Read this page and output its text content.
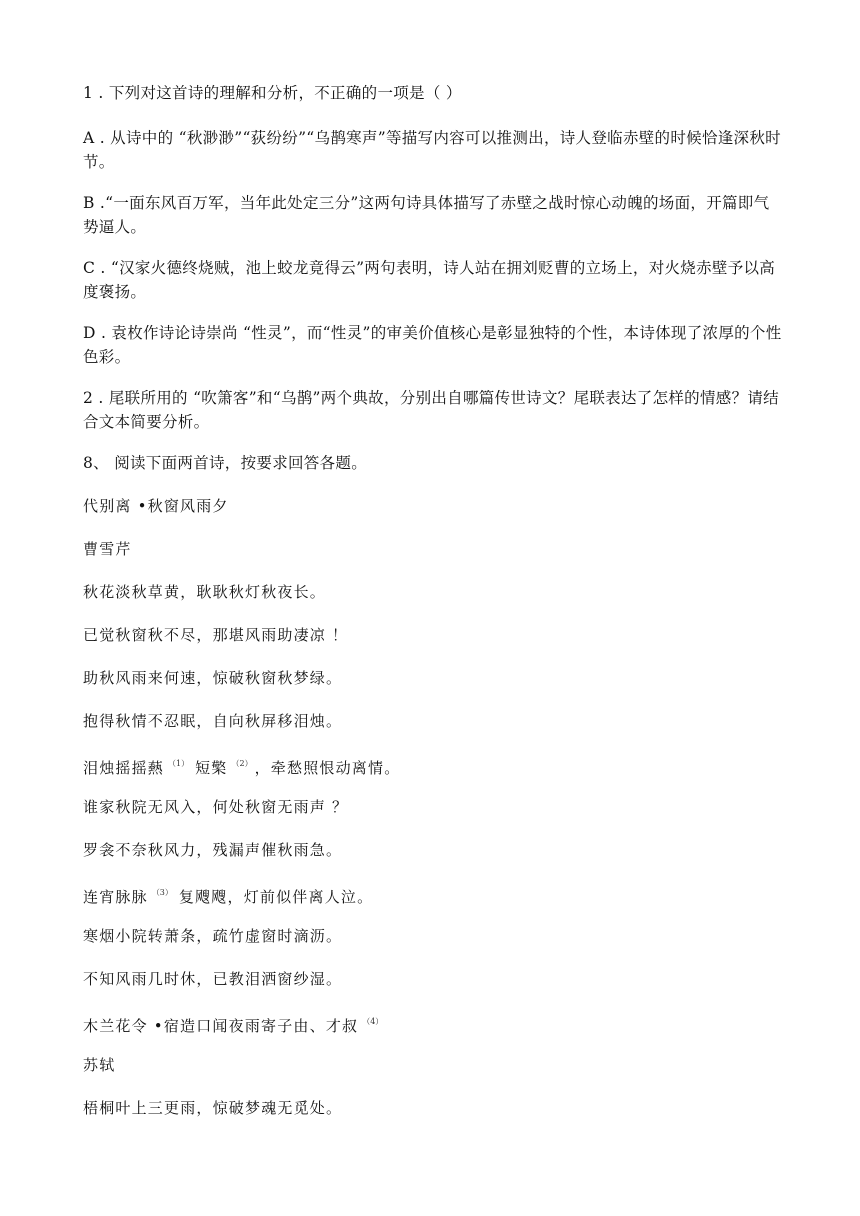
1 . 下列对这首诗的理解和分析，不正确的一项是（ ）
A . 从诗中的 “秋渺渺”“荻纷纷”“乌鹊寒声”等描写内容可以推测出，诗人登临赤壁的时候恰逢深秋时节。
B .“一面东风百万军，当年此处定三分”这两句诗具体描写了赤壁之战时惊心动魄的场面，开篇即气势逼人。
C . “汉家火德终烧贼，池上蛟龙竟得云”两句表明，诗人站在拥刘贬曹的立场上，对火烧赤壁予以高度褒扬。
D . 袁枚作诗论诗崇尚 “性灵”，而“性灵”的审美价值核心是彰显独特的个性，本诗体现了浓厚的个性色彩。
2 . 尾联所用的 “吹箫客”和“乌鹊”两个典故，分别出自哪篇传世诗文？尾联表达了怎样的情感？请结合文本简要分析。
8、 阅读下面两首诗，按要求回答各题。
代别离 •秋窗风雨夕
曹雪芹
秋花淡秋草黄，耿耿秋灯秋夜长。
已觉秋窗秋不尽，那堪风雨助凄凉 ！
助秋风雨来何速，惊破秋窗秋梦绿。
抱得秋情不忍眠，自向秋屏移泪烛。
泪烛摇摇爇 $^{(1)}$ 短檠 $^{(2)}$ ，牵愁照恨动离情。
谁家秋院无风入，何处秋窗无雨声 ？
罗衾不奈秋风力，残漏声催秋雨急。
连宵脉脉 $^{(3)}$ 复飕飕，灯前似伴离人泣。
寒烟小院转萧条，疏竹虚窗时滴沥。
不知风雨几时休，已教泪洒窗纱湿。
木兰花令 •宿造口闻夜雨寄子由、才叔 $^{(4)}$
苏轼
梧桐叶上三更雨，惊破梦魂无觅处。
